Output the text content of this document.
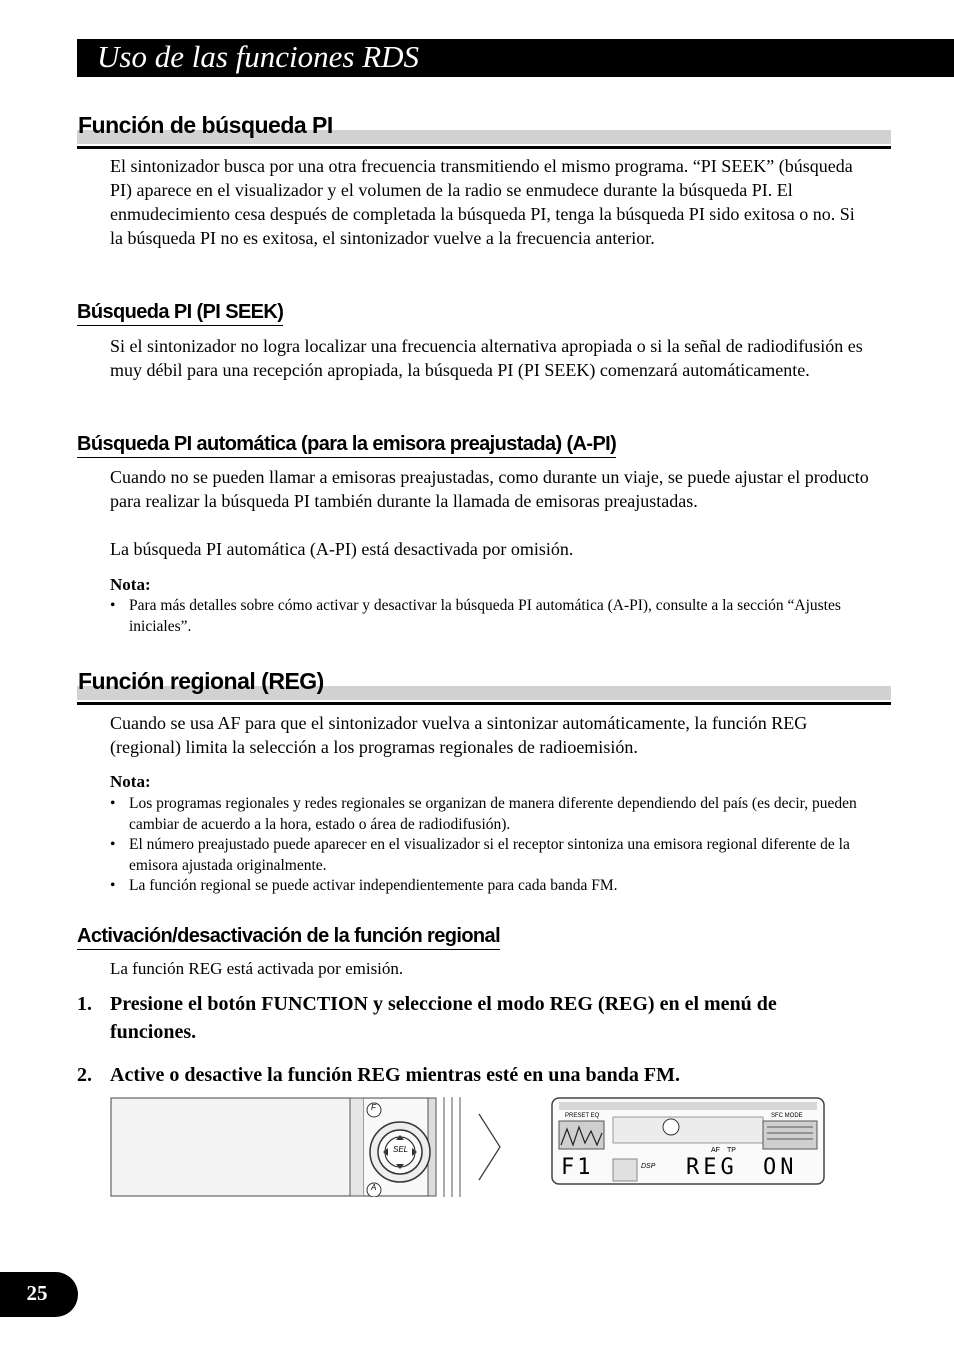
Uso de las funciones RDS
Función de búsqueda PI
El sintonizador busca por una otra frecuencia transmitiendo el mismo programa. “PI SEEK” (búsqueda PI) aparece en el visualizador y el volumen de la radio se enmudece durante la búsqueda PI. El enmudecimiento cesa después de completada la búsqueda PI, tenga la búsqueda PI sido exitosa o no. Si la búsqueda PI no es exitosa, el sintonizador vuelve a la frecuencia anterior.
Búsqueda PI (PI SEEK)
Si el sintonizador no logra localizar una frecuencia alternativa apropiada o si la señal de radiodifusión es muy débil para una recepción apropiada, la búsqueda PI (PI SEEK) comenzará automáticamente.
Búsqueda PI automática (para la emisora preajustada) (A-PI)
Cuando no se pueden llamar a emisoras preajustadas, como durante un viaje, se puede ajustar el producto para realizar la búsqueda PI también durante la llamada de emisoras preajustadas.
La búsqueda PI automática (A-PI) está desactivada por omisión.
Nota:
• Para más detalles sobre cómo activar y desactivar la búsqueda PI automática (A-PI), consulte a la sección “Ajustes iniciales”.
Función regional (REG)
Cuando se usa AF para que el sintonizador vuelva a sintonizar automáticamente, la función REG (regional) limita la selección a los programas regionales de radioemisión.
Nota:
• Los programas regionales y redes regionales se organizan de manera diferente dependiendo del país (es decir, pueden cambiar de acuerdo a la hora, estado o área de radiodifusión).
• El número preajustado puede aparecer en el visualizador si el receptor sintoniza una emisora regional diferente de la emisora ajustada originalmente.
• La función regional se puede activar independientemente para cada banda FM.
Activación/desactivación de la función regional
La función REG está activada por emisión.
1. Presione el botón FUNCTION y seleccione el modo REG (REG) en el menú de funciones.
2. Active o desactive la función REG mientras esté en una banda FM.
SEL
F
A
PRESET EQ	SFC MODE
DSP
AF TP
F1	REG ON
25
